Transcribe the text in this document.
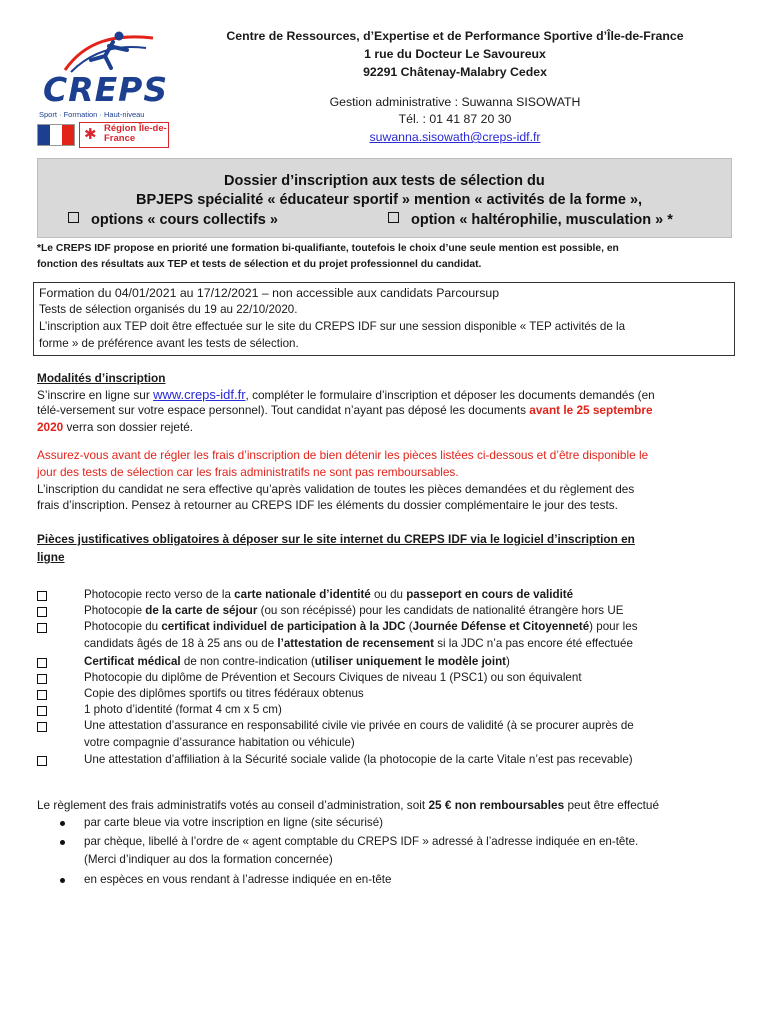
CREPS
Sport · Formation · Haut-niveau
✱ Région Île-de-France
Centre de Ressources, d’Expertise et de Performance Sportive d’Île-de-France
1 rue du Docteur Le Savoureux
92291 Châtenay-Malabry Cedex
Gestion administrative : Suwanna SISOWATH
Tél. : 01 41 87 20 30
suwanna.sisowath@creps-idf.fr
Dossier d’inscription aux tests de sélection du
BPJEPS spécialité « éducateur sportif » mention « activités de la forme »,
options « cours collectifs »	option « haltérophilie, musculation » *
*Le CREPS IDF propose en priorité une formation bi-qualifiante, toutefois le choix d’une seule mention est possible, en
fonction des résultats aux TEP et tests de sélection et du projet professionnel du candidat.
Formation du 04/01/2021 au 17/12/2021 – non accessible aux candidats Parcoursup
Tests de sélection organisés du 19 au 22/10/2020.
L’inscription aux TEP doit être effectuée sur le site du CREPS IDF sur une session disponible « TEP activités de la
forme » de préférence avant les tests de sélection.
Modalités d’inscription
S’inscrire en ligne sur www.creps-idf.fr, compléter le formulaire d’inscription et déposer les documents demandés (en
télé-versement sur votre espace personnel). Tout candidat n’ayant pas déposé les documents avant le 25 septembre
2020 verra son dossier rejeté.
Assurez-vous avant de régler les frais d’inscription de bien détenir les pièces listées ci-dessous et d’être disponible le
jour des tests de sélection car les frais administratifs ne sont pas remboursables.
L’inscription du candidat ne sera effective qu’après validation de toutes les pièces demandées et du règlement des
frais d’inscription. Pensez à retourner au CREPS IDF les éléments du dossier complémentaire le jour des tests.
Pièces justificatives obligatoires à déposer sur le site internet du CREPS IDF via le logiciel d’inscription en
ligne
Photocopie recto verso de la carte nationale d’identité ou du passeport en cours de validité
Photocopie de la carte de séjour (ou son récépissé) pour les candidats de nationalité étrangère hors UE
Photocopie du certificat individuel de participation à la JDC (Journée Défense et Citoyenneté) pour les
candidats âgés de 18 à 25 ans ou de l’attestation de recensement si la JDC n’a pas encore été effectuée
Certificat médical de non contre-indication (utiliser uniquement le modèle joint)
Photocopie du diplôme de Prévention et Secours Civiques de niveau 1 (PSC1) ou son équivalent
Copie des diplômes sportifs ou titres fédéraux obtenus
1 photo d’identité (format 4 cm x 5 cm)
Une attestation d’assurance en responsabilité civile vie privée en cours de validité (à se procurer auprès de
votre compagnie d’assurance habitation ou véhicule)
Une attestation d’affiliation à la Sécurité sociale valide (la photocopie de la carte Vitale n’est pas recevable)
Le règlement des frais administratifs votés au conseil d’administration, soit 25 € non remboursables peut être effectué
par carte bleue via votre inscription en ligne (site sécurisé)
par chèque, libellé à l’ordre de « agent comptable du CREPS IDF » adressé à l’adresse indiquée en en-tête.
(Merci d’indiquer au dos la formation concernée)
en espèces en vous rendant à l’adresse indiquée en en-tête
